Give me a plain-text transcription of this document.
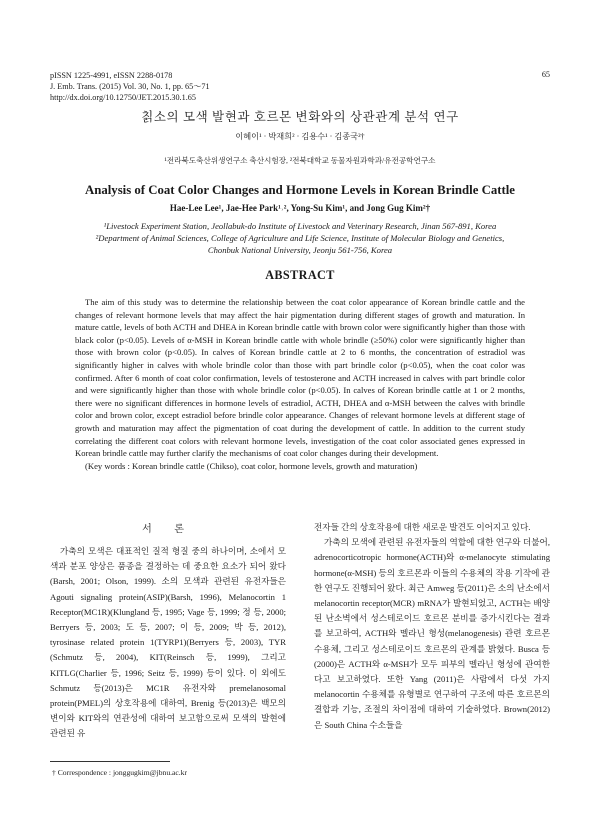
pISSN 1225-4991, eISSN 2288-0178
J. Emb. Trans. (2015) Vol. 30, No. 1, pp. 65～71
http://dx.doi.org/10.12750/JET.2015.30.1.65
65
칡소의 모색 발현과 호르몬 변화와의 상관관계 분석 연구
이혜이¹ · 박재희² · 김용수¹ · 김종국²†
¹전라북도축산위생연구소 축산시험장, ²전북대학교 동물자원과학과/유전공학연구소
Analysis of Coat Color Changes and Hormone Levels in Korean Brindle Cattle
Hae-Lee Lee¹, Jae-Hee Park¹˒², Yong-Su Kim¹, and Jong Gug Kim²†
¹Livestock Experiment Station, Jeollabuk-do Institute of Livestock and Veterinary Research, Jinan 567-891, Korea
²Department of Animal Sciences, College of Agriculture and Life Science, Institute of Molecular Biology and Genetics,
Chonbuk National University, Jeonju 561-756, Korea
ABSTRACT

The aim of this study was to determine the relationship between the coat color appearance of Korean brindle cattle and the changes of relevant hormone levels that may affect the hair pigmentation during different stages of growth and maturation. In mature cattle, levels of both ACTH and DHEA in Korean brindle cattle with brown color were significantly higher than those with black color (p<0.05). Levels of α-MSH in Korean brindle cattle with whole brindle (≥50%) color were significantly higher than those with brown color (p<0.05). In calves of Korean brindle cattle at 2 to 6 months, the concentration of estradiol was significantly higher in calves with whole brindle color than those with part brindle color (p<0.05), when the coat color was confirmed. After 6 month of coat color confirmation, levels of testosterone and ACTH increased in calves with part brindle color and were significantly higher than those with whole brindle color (p<0.05). In calves of Korean brindle cattle at 1 or 2 months, there were no significant differences in hormone levels of estradiol, ACTH, DHEA and α-MSH between the calves with brindle color and brown color, except estradiol before brindle color appearance. Changes of relevant hormone levels at different stage of growth and maturation may affect the pigmentation of coat during the development of cattle. In addition to the current study correlating the different coat colors with relevant hormone levels, investigation of the coat color associated genes expressed in Korean brindle cattle may further clarify the mechanisms of coat color changes during their development.

(Key words : Korean brindle cattle (Chikso), coat color, hormone levels, growth and maturation)

서 론

가축의 모색은 대표적인 질적 형질 중의 하나이며, 소에서 모색과 분포 양상은 품종을 결정하는 데 중요한 요소가 되어 왔다(Barsh, 2001; Olson, 1999). 소의 모색과 관련된 유전자들은 Agouti signaling protein(ASIP)(Barsh, 1996), Melanocortin 1 Receptor(MC1R)(Klungland 등, 1995; Vage 등, 1999; 정 등, 2000; Berryers 등, 2003; 도 등, 2007; 이 등, 2009; 박 등, 2012), tyrosinase related protein 1(TYRP1)(Berryers 등, 2003), TYR (Schmutz 등, 2004), KIT(Reinsch 등, 1999), 그리고 KITLG(Charlier 등, 1996; Seitz 등, 1999) 등이 있다. 이 외에도 Schmutz 등(2013)은 MC1R 유전자와 premelanosomal protein(PMEL)의 상호작용에 대하여, Brenig 등(2013)은 백모의 변이와 KIT와의 연관성에 대하여 보고함으로써 모색의 발현에 관련된 유

전자들 간의 상호작용에 대한 새로운 발견도 이어지고 있다.

가축의 모색에 관련된 유전자들의 역할에 대한 연구와 더불어, adrenocorticotropic hormone(ACTH)와 α-melanocyte stimulating hormone(α-MSH) 등의 호르몬과 이들의 수용체의 작용 기작에 관한 연구도 진행되어 왔다. 최근 Amweg 등(2011)은 소의 난소에서 melanocortin receptor(MCR) mRNA가 발현되었고, ACTH는 배양된 난소벽에서 성스테로이드 호르몬 분비를 증가시킨다는 결과를 보고하여, ACTH와 멜라닌 형성(melanogenesis) 관련 호르몬 수용체, 그리고 성스테로이드 호르몬의 관계를 밝혔다. Busca 등(2000)은 ACTH와 α-MSH가 모두 피부의 멜라닌 형성에 관여한다고 보고하였다. 또한 Yang (2011)은 사람에서 다섯 가지 melanocortin 수용체를 유형별로 연구하여 구조에 따른 호르몬의 결합과 기능, 조절의 차이점에 대하여 기술하였다. Brown(2012)은 South China 수소들을

† Correspondence : jonggugkim@jbnu.ac.kr
